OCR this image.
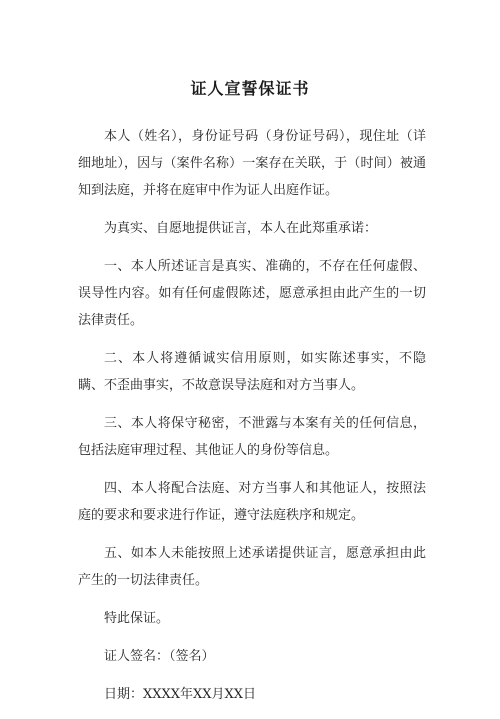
证人宣誓保证书

本人（姓名），身份证号码（身份证号码），现住址（详细地址），因与（案件名称）一案存在关联，于（时间）被通知到法庭，并将在庭审中作为证人出庭作证。

为真实、自愿地提供证言，本人在此郑重承诺：

一、本人所述证言是真实、准确的，不存在任何虚假、误导性内容。如有任何虚假陈述，愿意承担由此产生的一切法律责任。

二、本人将遵循诚实信用原则，如实陈述事实，不隐瞒、不歪曲事实，不故意误导法庭和对方当事人。

三、本人将保守秘密，不泄露与本案有关的任何信息，包括法庭审理过程、其他证人的身份等信息。

四、本人将配合法庭、对方当事人和其他证人，按照法庭的要求和要求进行作证，遵守法庭秩序和规定。

五、如本人未能按照上述承诺提供证言，愿意承担由此产生的一切法律责任。

特此保证。

证人签名：（签名）

日期：XXXX年XX月XX日
